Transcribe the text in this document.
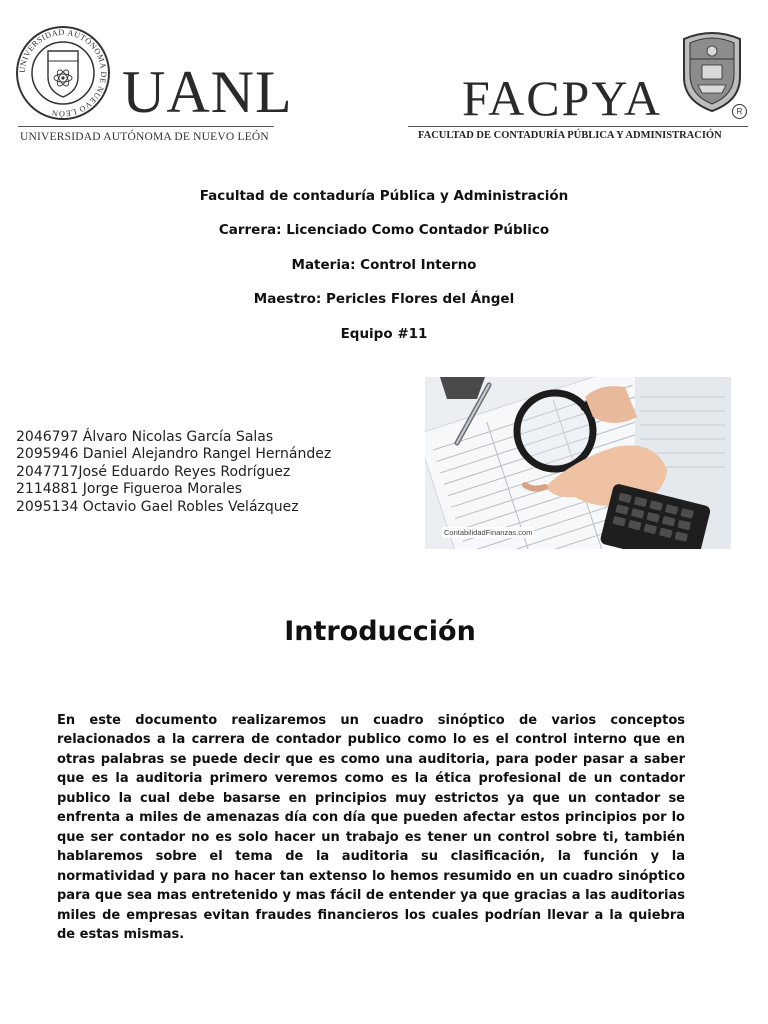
UNIVERSIDAD AUTÓNOMA DE NUEVO LEÓN	UANL
UNIVERSIDAD AUTÓNOMA DE NUEVO LEÓN
FACPYA	R
FACULTAD DE CONTADURÍA PÚBLICA Y ADMINISTRACIÓN
Facultad de contaduría Pública y Administración
Carrera: Licenciado Como Contador Público
Materia: Control Interno
Maestro: Pericles Flores del Ángel
Equipo #11
2046797 Álvaro Nicolas García Salas
2095946 Daniel Alejandro Rangel Hernández
2047717José Eduardo Reyes Rodríguez
2114881 Jorge Figueroa Morales
2095134 Octavio Gael Robles Velázquez
ContabilidadFinanzas.com
Introducción
En este documento realizaremos un cuadro sinóptico de varios conceptos relacionados a la carrera de contador publico como lo es el control interno que en otras palabras se puede decir que es como una auditoria, para poder pasar a saber que es la auditoria primero veremos como es la ética profesional de un contador publico la cual debe basarse en principios muy estrictos ya que un contador se enfrenta a miles de amenazas día con día que pueden afectar estos principios por lo que ser contador no es solo hacer un trabajo es tener un control sobre ti, también hablaremos sobre el tema de la auditoria su clasificación, la función y la normatividad y para no hacer tan extenso lo hemos resumido en un cuadro sinóptico para que sea mas entretenido y mas fácil de entender ya que gracias a las auditorias miles de empresas evitan fraudes financieros los cuales podrían llevar a la quiebra de estas mismas.
